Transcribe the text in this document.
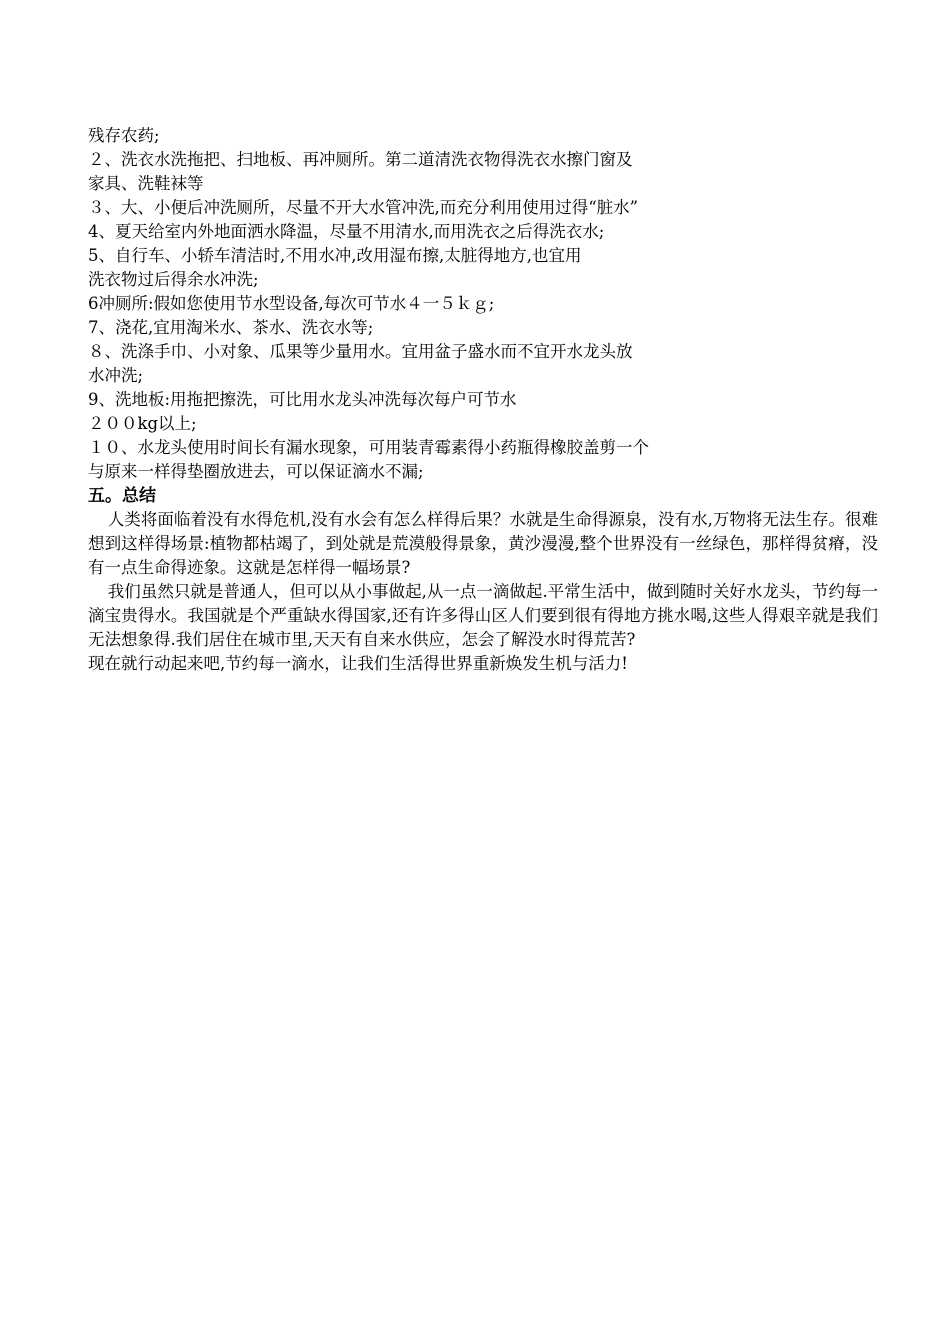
残存农药;
２、洗衣水洗拖把、扫地板、再冲厕所。第二道清洗衣物得洗衣水擦门窗及
家具、洗鞋袜等
３、大、小便后冲洗厕所，尽量不开大水管冲洗,而充分利用使用过得“脏水”
4、夏天给室内外地面洒水降温，尽量不用清水,而用洗衣之后得洗衣水;
5、自行车、小轿车清洁时,不用水冲,改用湿布擦,太脏得地方,也宜用
洗衣物过后得余水冲洗;
6冲厕所:假如您使用节水型设备,每次可节水４一５ｋｇ;
7、浇花,宜用淘米水、茶水、洗衣水等;
８、洗涤手巾、小对象、瓜果等少量用水。宜用盆子盛水而不宜开水龙头放
水冲洗;
9、洗地板:用拖把擦洗，可比用水龙头冲洗每次每户可节水
２００kg以上;
１０、水龙头使用时间长有漏水现象，可用装青霉素得小药瓶得橡胶盖剪一个
与原来一样得垫圈放进去，可以保证滴水不漏;
五。总结
人类将面临着没有水得危机,没有水会有怎么样得后果？水就是生命得源泉，没有水,万物将无法生存。很难想到这样得场景:植物都枯竭了，到处就是荒漠般得景象，黄沙漫漫,整个世界没有一丝绿色，那样得贫瘠，没有一点生命得迹象。这就是怎样得一幅场景?
我们虽然只就是普通人，但可以从小事做起,从一点一滴做起.平常生活中，做到随时关好水龙头，节约每一滴宝贵得水。我国就是个严重缺水得国家,还有许多得山区人们要到很有得地方挑水喝,这些人得艰辛就是我们无法想象得.我们居住在城市里,天天有自来水供应，怎会了解没水时得荒苦?
现在就行动起来吧,节约每一滴水，让我们生活得世界重新焕发生机与活力!
